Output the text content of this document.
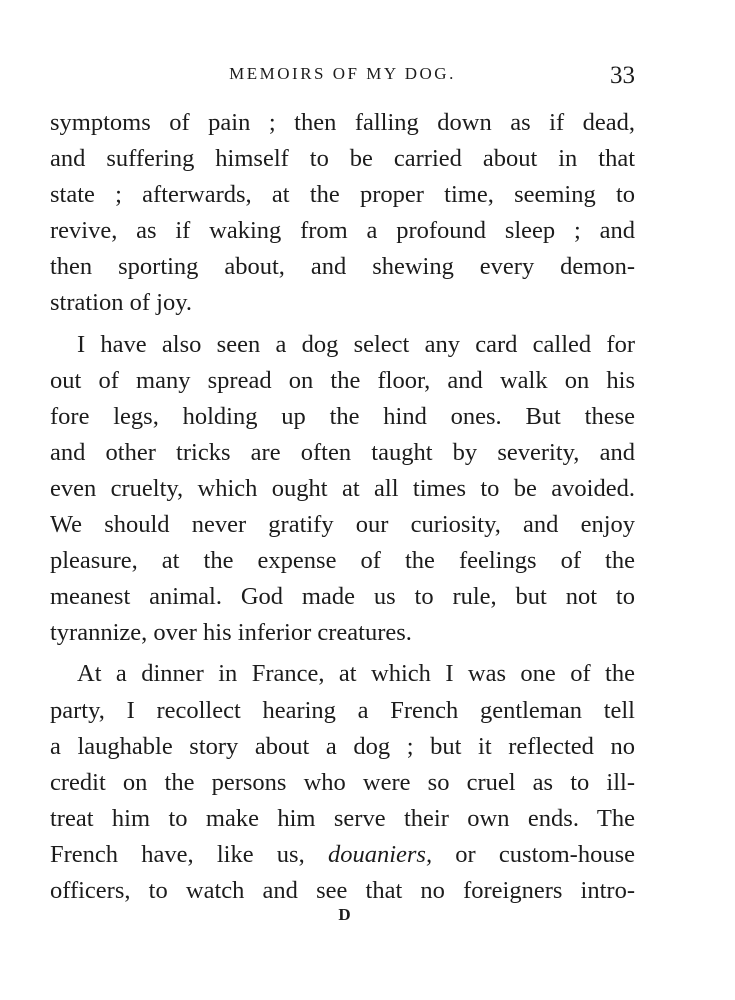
MEMOIRS OF MY DOG.	33
symptoms of pain ; then falling down as if dead,
and suffering himself to be carried about in that
state ; afterwards, at the proper time, seeming to
revive, as if waking from a profound sleep ; and
then sporting about, and shewing every demon-
stration of joy.
I have also seen a dog select any card called for
out of many spread on the floor, and walk on his
fore legs, holding up the hind ones. But these
and other tricks are often taught by severity, and
even cruelty, which ought at all times to be avoided.
We should never gratify our curiosity, and enjoy
pleasure, at the expense of the feelings of the
meanest animal. God made us to rule, but not to
tyrannize, over his inferior creatures.
At a dinner in France, at which I was one of the
party, I recollect hearing a French gentleman tell
a laughable story about a dog ; but it reflected no
credit on the persons who were so cruel as to ill-
treat him to make him serve their own ends. The
French have, like us, douaniers, or custom-house
officers, to watch and see that no foreigners intro-
D
